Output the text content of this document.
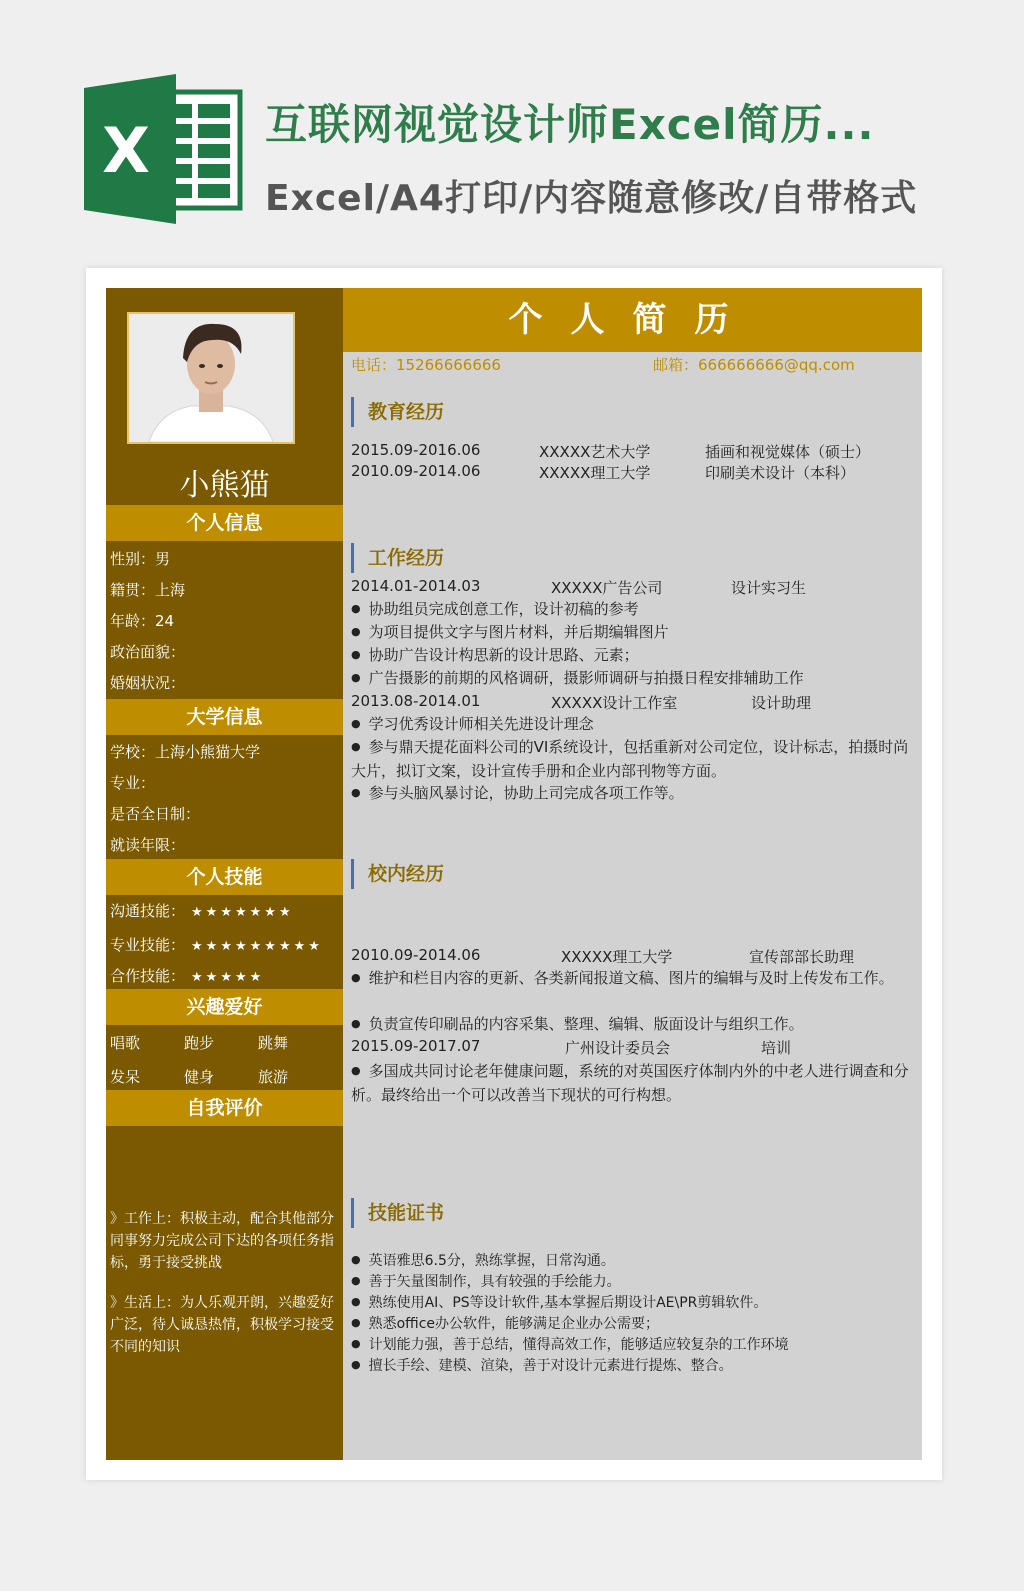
X	互联网视觉设计师Excel简历...
Excel/A4打印/内容随意修改/自带格式
小熊猫
个人信息
性别：男
籍贯：上海
年龄：24
政治面貌：
婚姻状况：
大学信息
学校：上海小熊猫大学
专业：
是否全日制：
就读年限：
个人技能
沟通技能： ★★★★★★★
专业技能： ★★★★★★★★★
合作技能： ★★★★★
兴趣爱好
唱歌	跑步	跳舞
发呆	健身	旅游
自我评价
》工作上：积极主动，配合其他部分同事努力完成公司下达的各项任务指标，勇于接受挑战
》生活上：为人乐观开朗，兴趣爱好广泛，待人诚恳热情，积极学习接受不同的知识
个人简历
电话：15266666666	邮箱：666666666@qq.com
教育经历
2015.09-2016.06	XXXXX艺术大学	插画和视觉媒体（硕士）
2010.09-2014.06	XXXXX理工大学	印刷美术设计（本科）
工作经历
2014.01-2014.03	XXXXX广告公司	设计实习生
● 协助组员完成创意工作，设计初稿的参考
● 为项目提供文字与图片材料，并后期编辑图片
● 协助广告设计构思新的设计思路、元素；
● 广告摄影的前期的风格调研，摄影师调研与拍摄日程安排辅助工作
2013.08-2014.01	XXXXX设计工作室	设计助理
● 学习优秀设计师相关先进设计理念
● 参与鼎天提花面料公司的VI系统设计，包括重新对公司定位，设计标志，拍摄时尚大片，拟订文案，设计宣传手册和企业内部刊物等方面。
● 参与头脑风暴讨论，协助上司完成各项工作等。
校内经历
2010.09-2014.06	XXXXX理工大学	宣传部部长助理
● 维护和栏目内容的更新、各类新闻报道文稿、图片的编辑与及时上传发布工作。
● 负责宣传印刷品的内容采集、整理、编辑、版面设计与组织工作。
2015.09-2017.07	广州设计委员会	培训
● 多国成共同讨论老年健康问题，系统的对英国医疗体制内外的中老人进行调查和分析。最终给出一个可以改善当下现状的可行构想。
技能证书
● 英语雅思6.5分，熟练掌握，日常沟通。
● 善于矢量图制作，具有较强的手绘能力。
● 熟练使用AI、PS等设计软件,基本掌握后期设计AE\PR剪辑软件。
● 熟悉office办公软件，能够满足企业办公需要；
● 计划能力强，善于总结，懂得高效工作，能够适应较复杂的工作环境
● 擅长手绘、建模、渲染，善于对设计元素进行提炼、整合。
